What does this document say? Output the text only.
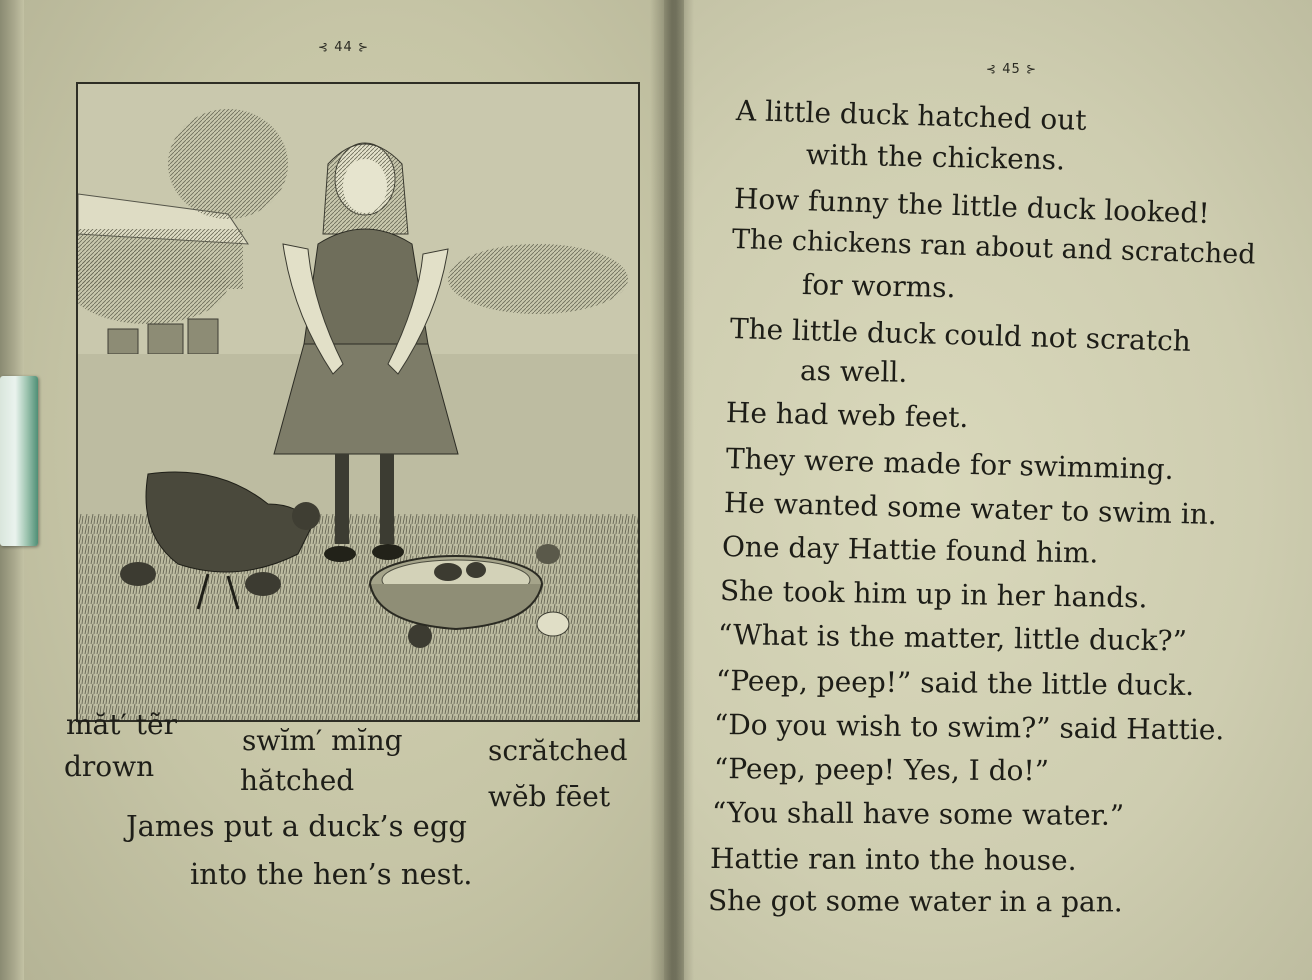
⊰ 44 ⊱
măt′ tẽr
drown
swĭm′ mĭng
hătched
scrătched
wĕb fēet
James put a duck’s egg
into the hen’s nest.
⊰ 45 ⊱
A little duck hatched out
with the chickens.
How funny the little duck looked!
The chickens ran about and scratched
for worms.
The little duck could not scratch
as well.
He had web feet.
They were made for swimming.
He wanted some water to swim in.
One day Hattie found him.
She took him up in her hands.
“What is the matter, little duck?”
“Peep, peep!” said the little duck.
“Do you wish to swim?” said Hattie.
“Peep, peep! Yes, I do!”
“You shall have some water.”
Hattie ran into the house.
She got some water in a pan.
